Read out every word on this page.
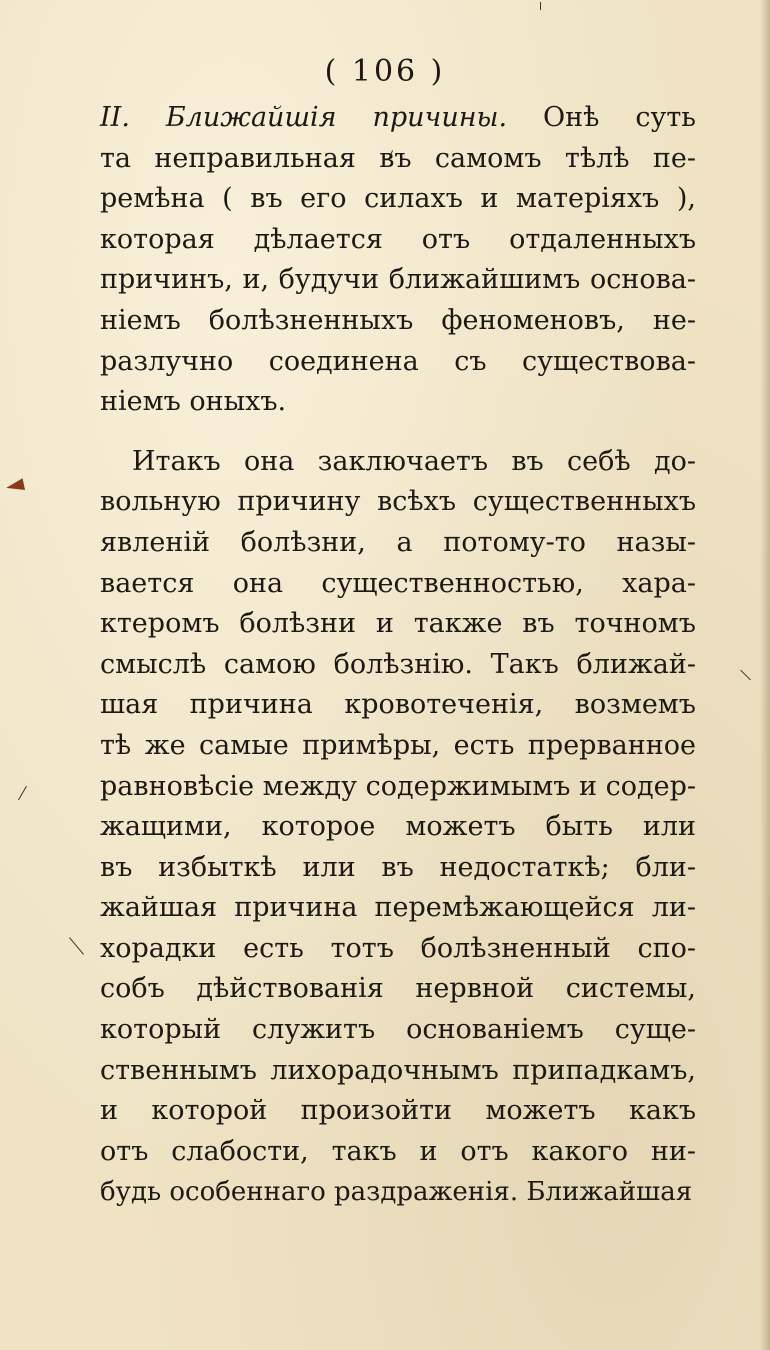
( 106 )
II. Ближайшiя причины. Онѣ суть
та неправильная въ самомъ тѣлѣ пе-
ремѣна ( въ его силахъ и матерiяхъ ),
которая дѣлается отъ отдаленныхъ
причинъ, и, будучи ближайшимъ основа-
нiемъ болѣзненныхъ феноменовъ, не-
разлучно соединена съ существова-
нiемъ оныхъ.
Итакъ она заключаетъ въ себѣ до-
вольную причину всѣхъ существенныхъ
явленiй болѣзни, а потому-то назы-
вается она существенностью, хара-
ктеромъ болѣзни и также въ точномъ
смыслѣ самою болѣзнiю. Такъ ближай-
шая причина кровотеченiя, возмемъ
тѣ же самые примѣры, есть прерванное
равновѣсiе между содержимымъ и содер-
жащими, которое можетъ быть или
въ избыткѣ или въ недостаткѣ; бли-
жайшая причина перемѣжающейся ли-
хорадки есть тотъ болѣзненный спо-
собъ дѣйствованiя нервной системы,
который служитъ основанiемъ суще-
ственнымъ лихорадочнымъ припадкамъ,
и которой произойти можетъ какъ
отъ слабости, такъ и отъ какого ни-
будь особеннаго раздраженiя. Ближайшая
